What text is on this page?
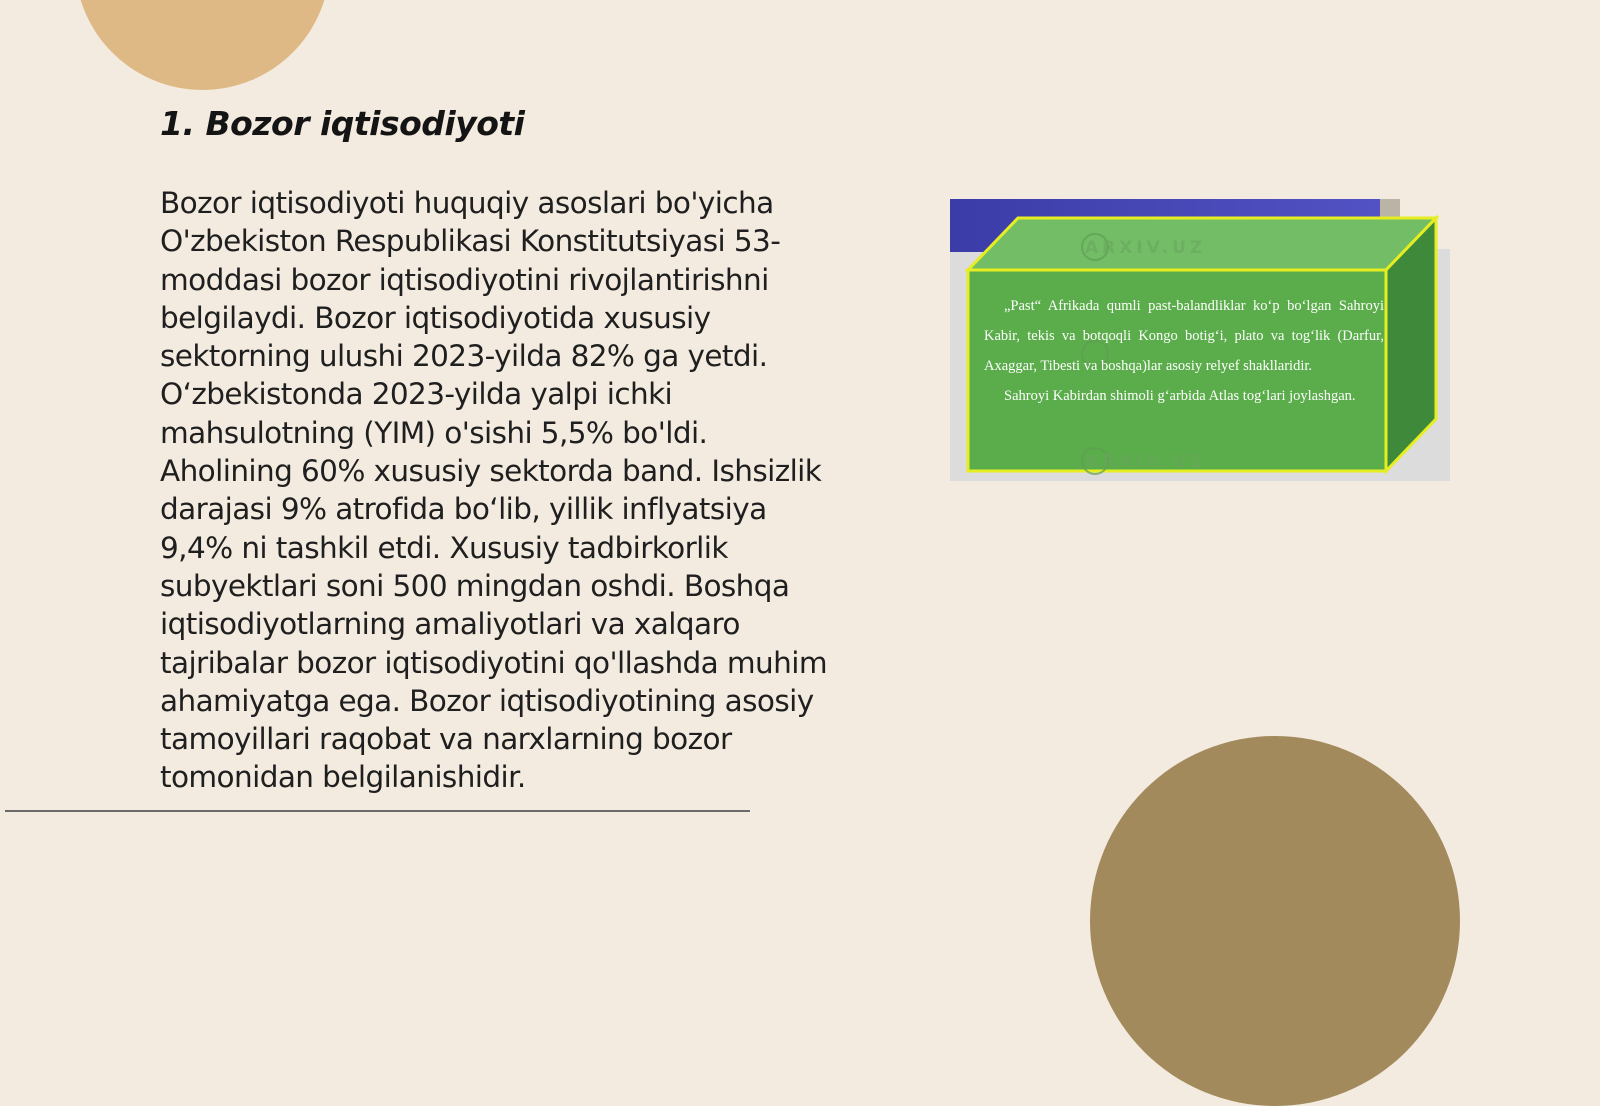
1. Bozor iqtisodiyoti

Bozor iqtisodiyoti huquqiy asoslari bo'yicha O'zbekiston Respublikasi Konstitutsiyasi 53-moddasi bozor iqtisodiyotini rivojlantirishni belgilaydi. Bozor iqtisodiyotida xususiy sektorning ulushi 2023-yilda 82% ga yetdi. O‘zbekistonda 2023-yilda yalpi ichki mahsulotning (YIM) o'sishi 5,5% bo'ldi. Aholining 60% xususiy sektorda band. Ishsizlik darajasi 9% atrofida bo‘lib, yillik inflyatsiya 9,4% ni tashkil etdi. Xususiy tadbirkorlik subyektlari soni 500 mingdan oshdi. Boshqa iqtisodiyotlarning amaliyotlari va xalqaro tajribalar bozor iqtisodiyotini qo'llashda muhim ahamiyatga ega. Bozor iqtisodiyotining asosiy tamoyillari raqobat va narxlarning bozor tomonidan belgilanishidir.

ARXIV.UZ
ARXIV.UZ

„Past“ Afrikada qumli past-balandliklar ko‘p bo‘lgan Sahroyi Kabir, tekis va botqoqli Kongo botig‘i, plato va tog‘lik (Darfur, Axaggar, Tibesti va boshqa)lar asosiy relyef shakllaridir.

Sahroyi Kabirdan shimoli g‘arbida Atlas tog‘lari joylashgan.
